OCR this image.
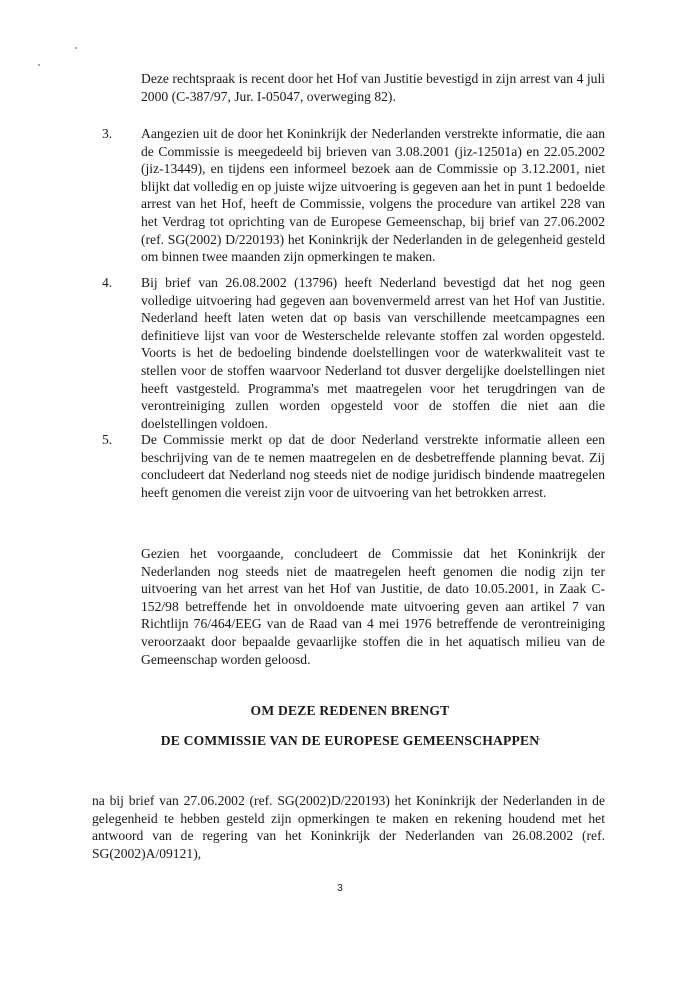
Deze rechtspraak is recent door het Hof van Justitie bevestigd in zijn arrest van 4 juli 2000 (C-387/97, Jur. I-05047, overweging 82).

3. Aangezien uit de door het Koninkrijk der Nederlanden verstrekte informatie, die aan de Commissie is meegedeeld bij brieven van 3.08.2001 (jiz-12501a) en 22.05.2002 (jiz-13449), en tijdens een informeel bezoek aan de Commissie op 3.12.2001, niet blijkt dat volledig en op juiste wijze uitvoering is gegeven aan het in punt 1 bedoelde arrest van het Hof, heeft de Commissie, volgens the procedure van artikel 228 van het Verdrag tot oprichting van de Europese Gemeenschap, bij brief van 27.06.2002 (ref. SG(2002) D/220193) het Koninkrijk der Nederlanden in de gelegenheid gesteld om binnen twee maanden zijn opmerkingen te maken.

4. Bij brief van 26.08.2002 (13796) heeft Nederland bevestigd dat het nog geen volledige uitvoering had gegeven aan bovenvermeld arrest van het Hof van Justitie. Nederland heeft laten weten dat op basis van verschillende meetcampagnes een definitieve lijst van voor de Westerschelde relevante stoffen zal worden opgesteld. Voorts is het de bedoeling bindende doelstellingen voor de waterkwaliteit vast te stellen voor de stoffen waarvoor Nederland tot dusver dergelijke doelstellingen niet heeft vastgesteld. Programma's met maatregelen voor het terugdringen van de verontreiniging zullen worden opgesteld voor de stoffen die niet aan die doelstellingen voldoen.

5. De Commissie merkt op dat de door Nederland verstrekte informatie alleen een beschrijving van de te nemen maatregelen en de desbetreffende planning bevat. Zij concludeert dat Nederland nog steeds niet de nodige juridisch bindende maatregelen heeft genomen die vereist zijn voor de uitvoering van het betrokken arrest.

Gezien het voorgaande, concludeert de Commissie dat het Koninkrijk der Nederlanden nog steeds niet de maatregelen heeft genomen die nodig zijn ter uitvoering van het arrest van het Hof van Justitie, de dato 10.05.2001, in Zaak C-152/98 betreffende het in onvoldoende mate uitvoering geven aan artikel 7 van Richtlijn 76/464/EEG van de Raad van 4 mei 1976 betreffende de verontreiniging veroorzaakt door bepaalde gevaarlijke stoffen die in het aquatisch milieu van de Gemeenschap worden geloosd.

OM DEZE REDENEN BRENGT
DE COMMISSIE VAN DE EUROPESE GEMEENSCHAPPEN

na bij brief van 27.06.2002 (ref. SG(2002)D/220193) het Koninkrijk der Nederlanden in de gelegenheid te hebben gesteld zijn opmerkingen te maken en rekening houdend met het antwoord van de regering van het Koninkrijk der Nederlanden van 26.08.2002 (ref. SG(2002)A/09121),

3
